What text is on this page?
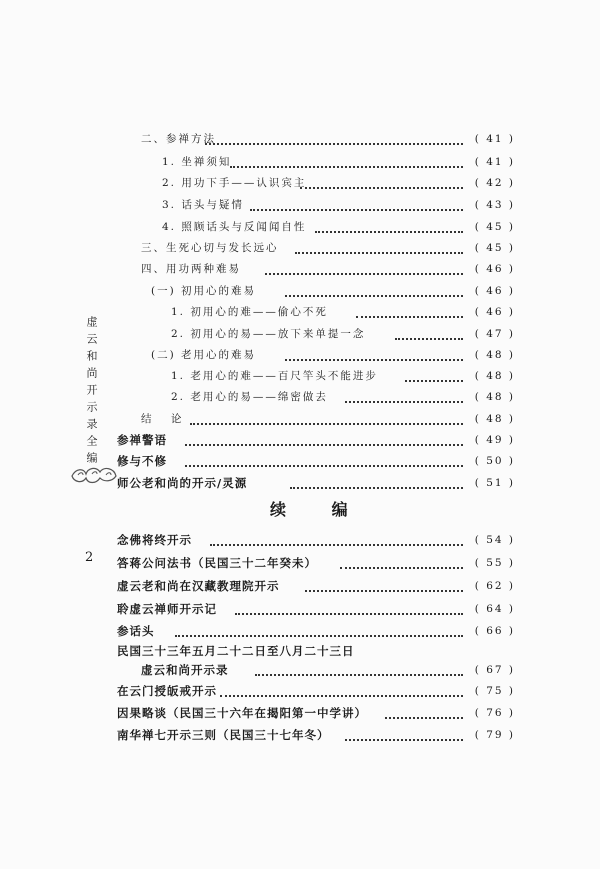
虚云和尚开示录全编
2
二、参禅方法	( 41 )
1. 坐禅须知	( 41 )
2. 用功下手——认识宾主	( 42 )
3. 话头与疑情	( 43 )
4. 照顾话头与反闻闻自性	( 45 )
三、生死心切与发长远心	( 45 )
四、用功两种难易	( 46 )
(一) 初用心的难易	( 46 )
1. 初用心的难——偷心不死	( 46 )
2. 初用心的易——放下来单提一念	( 47 )
(二) 老用心的难易	( 48 )
1. 老用心的难——百尺竿头不能进步	( 48 )
2. 老用心的易——绵密做去	( 48 )
结 论	( 48 )
参禅警语	( 49 )
修与不修	( 50 )
师公老和尚的开示/灵源	( 51 )
续 编
念佛将终开示	( 54 )
答蒋公问法书（民国三十二年癸未）	( 55 )
虚云老和尚在汉藏教理院开示	( 62 )
聆虚云禅师开示记	( 64 )
参话头	( 66 )
民国三十三年五月二十二日至八月二十三日
虚云和尚开示录	( 67 )
在云门授皈戒开示	( 75 )
因果略谈（民国三十六年在揭阳第一中学讲）	( 76 )
南华禅七开示三则（民国三十七年冬）	( 79 )
